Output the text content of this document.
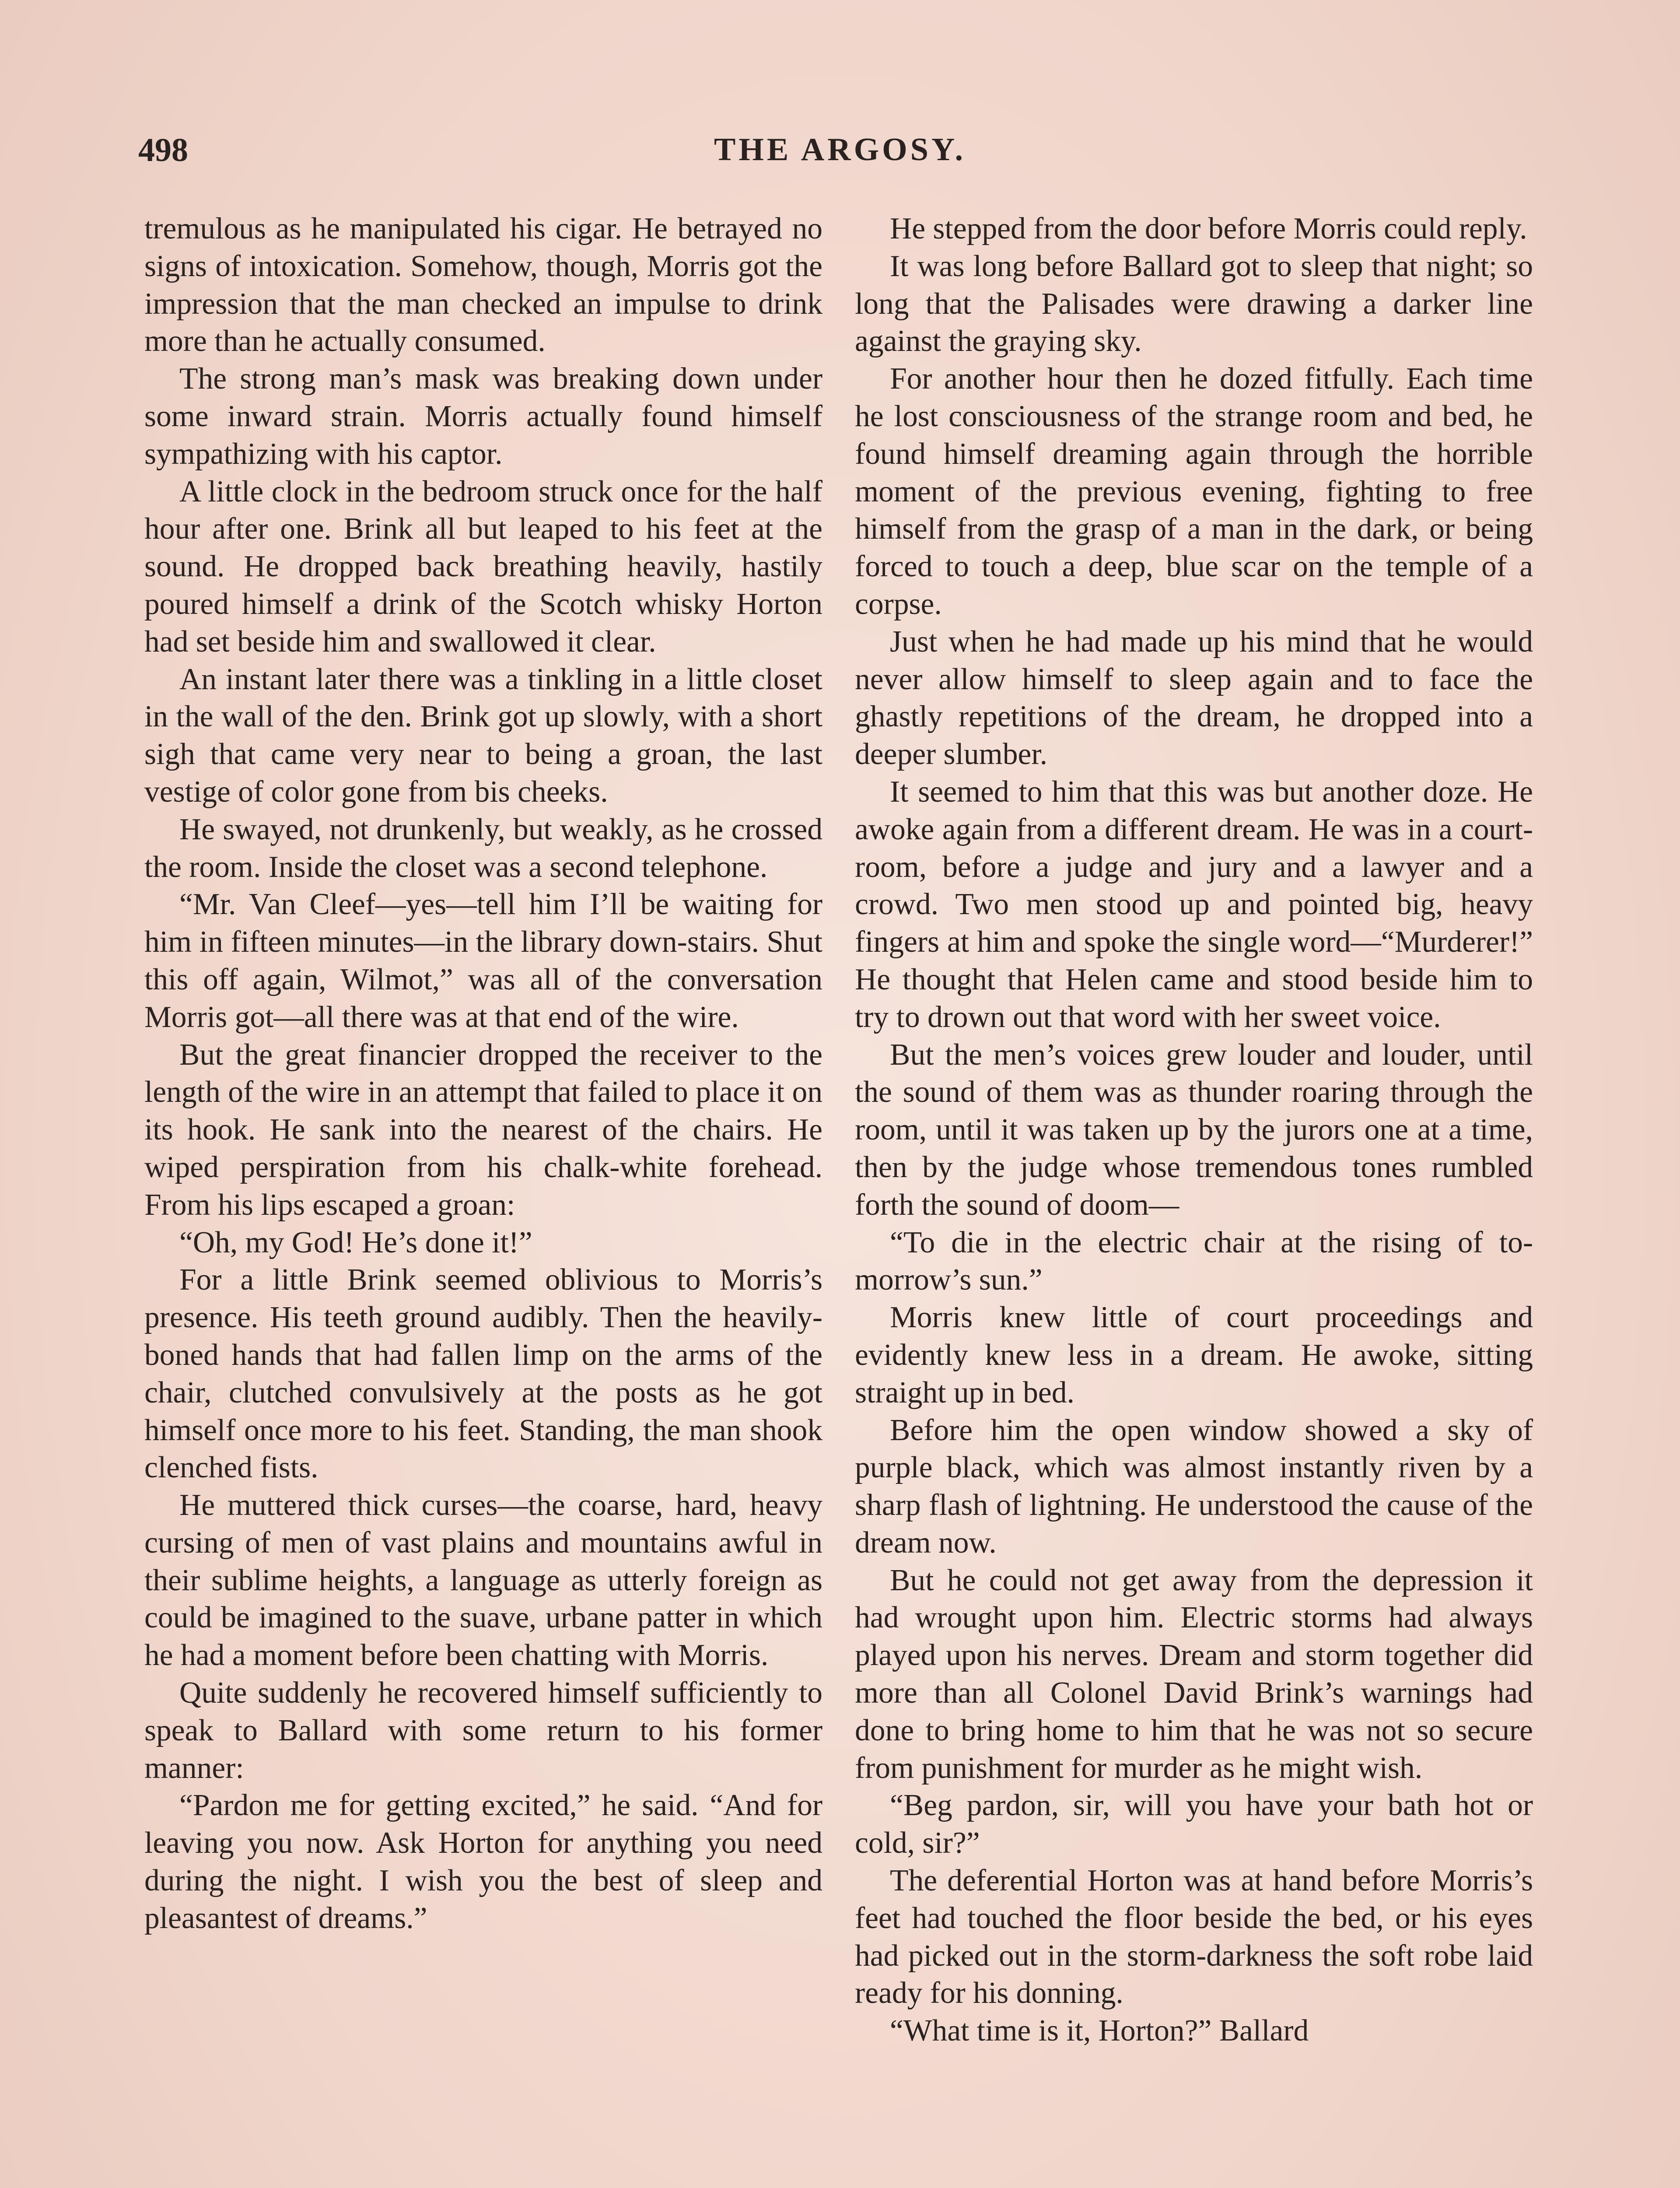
498	THE ARGOSY.

tremulous as he manipulated his cigar. He betrayed no signs of intoxication. Somehow, though, Morris got the impression that the man checked an impulse to drink more than he actually consumed.

The strong man’s mask was breaking down under some inward strain. Morris actually found himself sympathizing with his captor.

A little clock in the bedroom struck once for the half hour after one. Brink all but leaped to his feet at the sound. He dropped back breathing heavily, hastily poured himself a drink of the Scotch whisky Horton had set beside him and swallowed it clear.

An instant later there was a tinkling in a little closet in the wall of the den. Brink got up slowly, with a short sigh that came very near to being a groan, the last vestige of color gone from bis cheeks.

He swayed, not drunkenly, but weakly, as he crossed the room. Inside the closet was a second telephone.

“Mr. Van Cleef—yes—tell him I’ll be waiting for him in fifteen minutes—in the library down-stairs. Shut this off again, Wilmot,” was all of the conversation Morris got—all there was at that end of the wire.

But the great financier dropped the receiver to the length of the wire in an attempt that failed to place it on its hook. He sank into the nearest of the chairs. He wiped perspiration from his chalk-white forehead. From his lips escaped a groan:

“Oh, my God! He’s done it!”

For a little Brink seemed oblivious to Morris’s presence. His teeth ground audibly. Then the heavily-boned hands that had fallen limp on the arms of the chair, clutched convulsively at the posts as he got himself once more to his feet. Standing, the man shook clenched fists.

He muttered thick curses—the coarse, hard, heavy cursing of men of vast plains and mountains awful in their sublime heights, a language as utterly foreign as could be imagined to the suave, urbane patter in which he had a moment before been chatting with Morris.

Quite suddenly he recovered himself sufficiently to speak to Ballard with some return to his former manner:

“Pardon me for getting excited,” he said. “And for leaving you now. Ask Horton for anything you need during the night. I wish you the best of sleep and pleasantest of dreams.”

He stepped from the door before Morris could reply.

It was long before Ballard got to sleep that night; so long that the Palisades were drawing a darker line against the graying sky.

For another hour then he dozed fitfully. Each time he lost consciousness of the strange room and bed, he found himself dreaming again through the horrible moment of the previous evening, fighting to free himself from the grasp of a man in the dark, or being forced to touch a deep, blue scar on the temple of a corpse.

Just when he had made up his mind that he would never allow himself to sleep again and to face the ghastly repetitions of the dream, he dropped into a deeper slumber.

It seemed to him that this was but another doze. He awoke again from a different dream. He was in a court-room, before a judge and jury and a lawyer and a crowd. Two men stood up and pointed big, heavy fingers at him and spoke the single word—“Murderer!” He thought that Helen came and stood beside him to try to drown out that word with her sweet voice.

But the men’s voices grew louder and louder, until the sound of them was as thunder roaring through the room, until it was taken up by the jurors one at a time, then by the judge whose tremendous tones rumbled forth the sound of doom—

“To die in the electric chair at the rising of to-morrow’s sun.”

Morris knew little of court proceedings and evidently knew less in a dream. He awoke, sitting straight up in bed.

Before him the open window showed a sky of purple black, which was almost instantly riven by a sharp flash of lightning. He understood the cause of the dream now.

But he could not get away from the depression it had wrought upon him. Electric storms had always played upon his nerves. Dream and storm together did more than all Colonel David Brink’s warnings had done to bring home to him that he was not so secure from punishment for murder as he might wish.

“Beg pardon, sir, will you have your bath hot or cold, sir?”

The deferential Horton was at hand before Morris’s feet had touched the floor beside the bed, or his eyes had picked out in the storm-darkness the soft robe laid ready for his donning.

“What time is it, Horton?” Ballard
